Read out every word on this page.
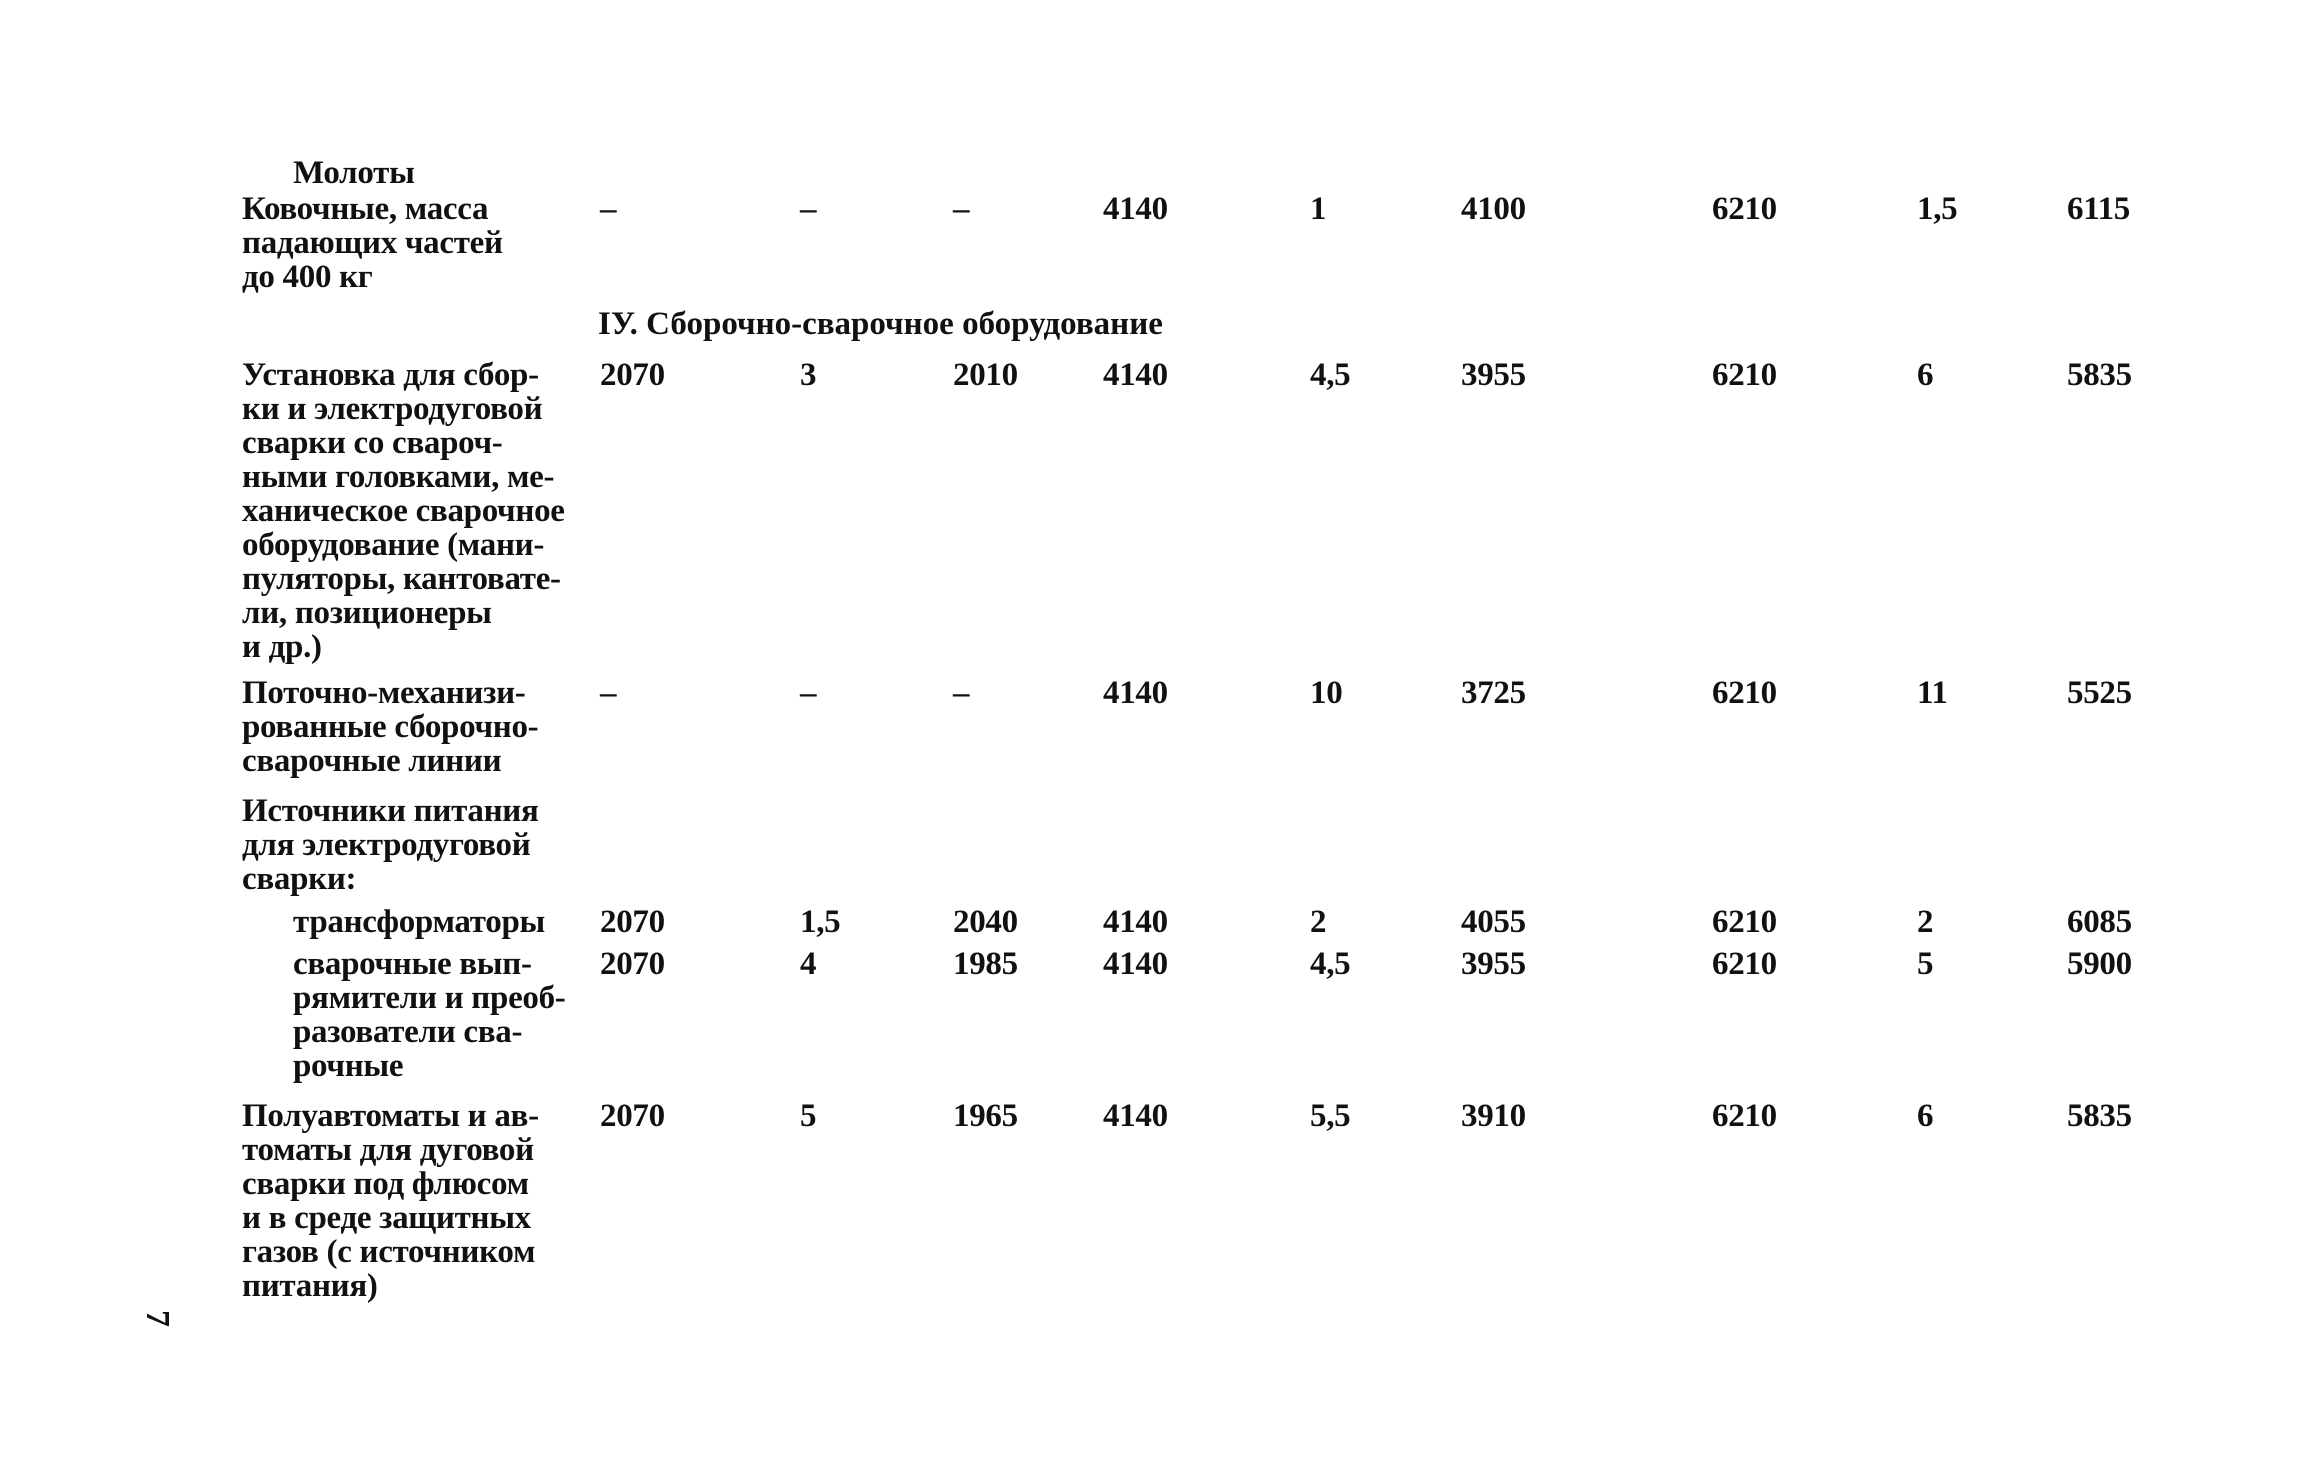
Молоты
Ковочные, масса
падающих частей
до 400 кг
–	–	–	4140	1	4100	6210	1,5	6115
IУ. Сборочно-сварочное оборудование
Установка для сбор-
ки и электродуговой
сварки со свароч-
ными головками, ме-
ханическое сварочное
оборудование (мани-
пуляторы, кантовате-
ли, позиционеры
и др.)
2070	3	2010	4140	4,5	3955	6210	6	5835
Поточно-механизи-
рованные сборочно-
сварочные линии
–	–	–	4140	10	3725	6210	11	5525
Источники питания
для электродуговой
сварки:
трансформаторы 2070	1,5	2040	4140	2	4055	6210	2	6085
сварочные вып-
рямители и преоб-
разователи сва-
рочные
2070	4	1985	4140	4,5	3955	6210	5	5900
Полуавтоматы и ав-
томаты для дуговой
сварки под флюсом
и в среде защитных
газов (с источником
питания)
2070	5	1965	4140	5,5	3910	6210	6	5835
7
